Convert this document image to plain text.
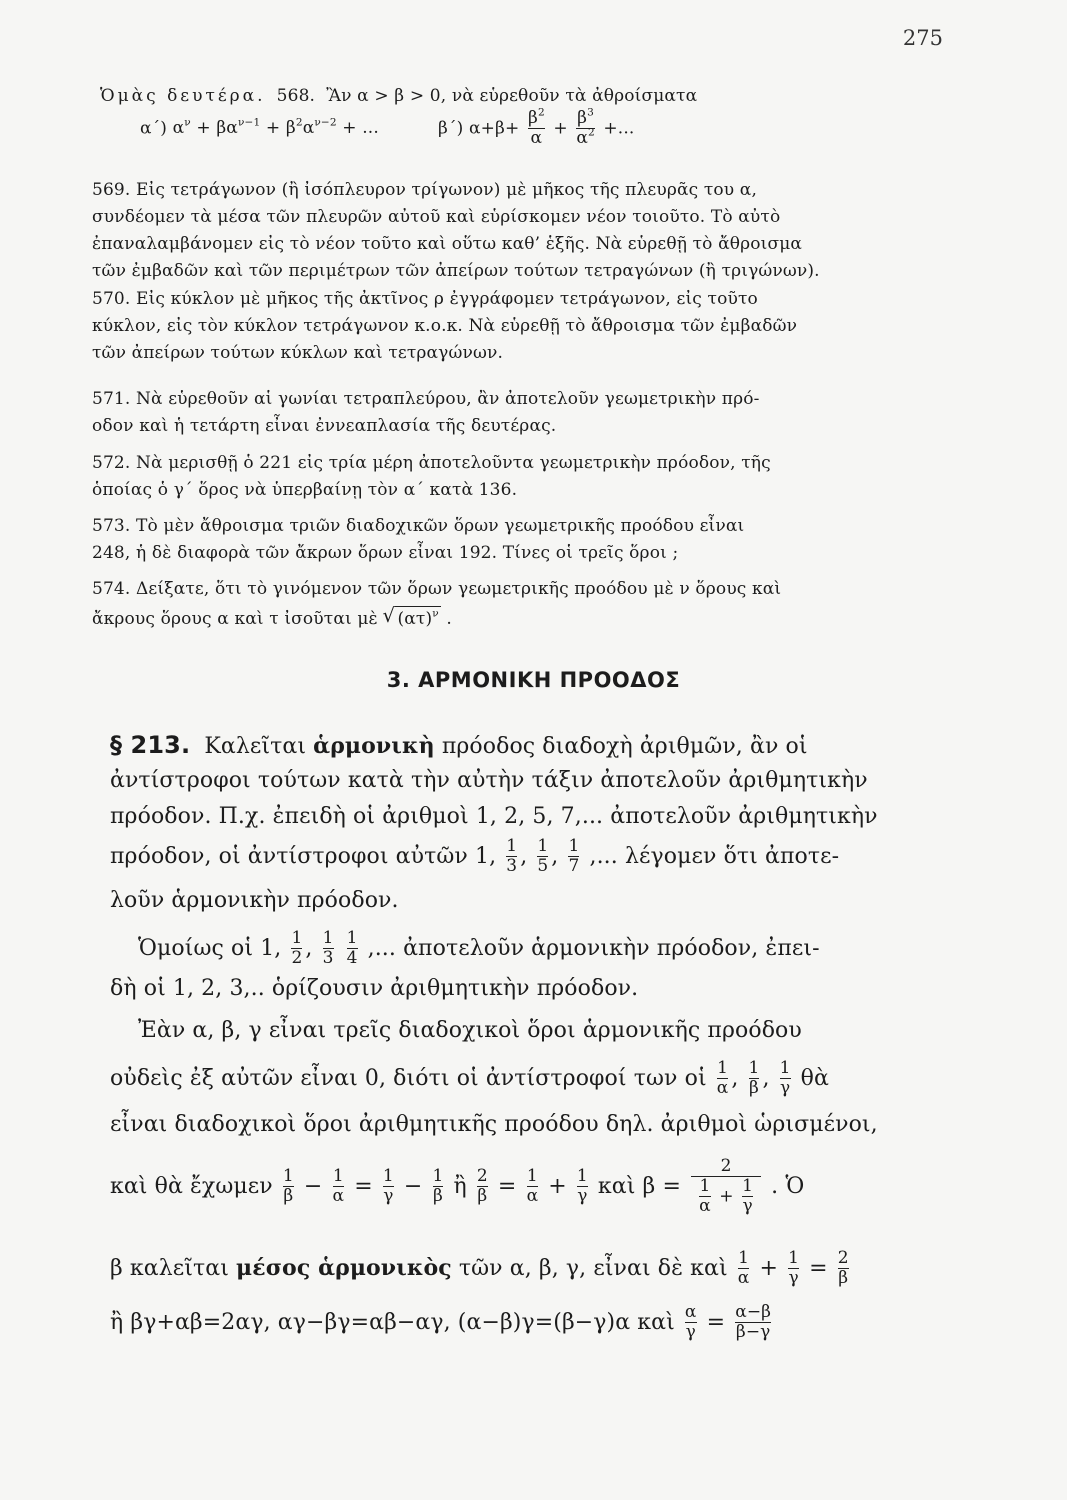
275
Ὁμὰς δευτέρα. 568. Ἂν α > β > 0, νὰ εὑρεθοῦν τὰ ἀθροίσματα
α΄) $\alpha^\nu + \beta\alpha^{\nu-1} + \beta^2\alpha^{\nu-2}$ + ...	β΄) $\alpha+\beta+ \frac{\beta^2}{\alpha} + \frac{\beta^3}{\alpha^2}$ +...
569. Εἰς τετράγωνον (ἢ ἰσόπλευρον τρίγωνον) μὲ μῆκος τῆς πλευρᾶς του α,
συνδέομεν τὰ μέσα τῶν πλευρῶν αὐτοῦ καὶ εὑρίσκομεν νέον τοιοῦτο. Τὸ αὐτὸ
ἐπαναλαμβάνομεν εἰς τὸ νέον τοῦτο καὶ οὕτω καθ’ ἑξῆς. Νὰ εὑρεθῇ τὸ ἄθροισμα
τῶν ἐμβαδῶν καὶ τῶν περιμέτρων τῶν ἀπείρων τούτων τετραγώνων (ἢ τριγώνων).
570. Εἰς κύκλον μὲ μῆκος τῆς ἀκτῖνος ρ ἐγγράφομεν τετράγωνον, εἰς τοῦτο
κύκλον, εἰς τὸν κύκλον τετράγωνον κ.ο.κ. Νὰ εὑρεθῇ τὸ ἄθροισμα τῶν ἐμβαδῶν
τῶν ἀπείρων τούτων κύκλων καὶ τετραγώνων.
571. Νὰ εὑρεθοῦν αἱ γωνίαι τετραπλεύρου, ἂν ἀποτελοῦν γεωμετρικὴν πρό-
οδον καὶ ἡ τετάρτη εἶναι ἐννεαπλασία τῆς δευτέρας.
572. Νὰ μερισθῇ ὁ 221 εἰς τρία μέρη ἀποτελοῦντα γεωμετρικὴν πρόοδον, τῆς
ὁποίας ὁ γ΄ ὅρος νὰ ὑπερβαίνῃ τὸν α΄ κατὰ 136.
573. Τὸ μὲν ἄθροισμα τριῶν διαδοχικῶν ὅρων γεωμετρικῆς προόδου εἶναι
248, ἡ δὲ διαφορὰ τῶν ἄκρων ὅρων εἶναι 192. Τίνες οἱ τρεῖς ὅροι ;
574. Δείξατε, ὅτι τὸ γινόμενον τῶν ὅρων γεωμετρικῆς προόδου μὲ ν ὅρους καὶ
ἄκρους ὅρους α καὶ τ ἰσοῦται μὲ   √ $(\alpha\tau)^\nu$ .
3. ΑΡΜΟΝΙΚΗ ΠΡΟΟΔΟΣ
§ 213. Καλεῖται ἁρμονικὴ πρόοδος διαδοχὴ ἀριθμῶν, ἂν οἱ
ἀντίστροφοι τούτων κατὰ τὴν αὐτὴν τάξιν ἀποτελοῦν ἀριθμητικὴν
πρόοδον. Π.χ. ἐπειδὴ οἱ ἀριθμοὶ 1, 2, 5, 7,... ἀποτελοῦν ἀριθμητικὴν
πρόοδον, οἱ ἀντίστροφοι αὐτῶν 1, $\frac{1}{3}$ , $\frac{1}{5}$ , $\frac{1}{7}$ ,... λέγομεν ὅτι ἀποτε-
λοῦν ἁρμονικὴν πρόοδον.
Ὁμοίως οἱ 1, $\frac{1}{2}$ , $\frac{1}{3}$
$\frac{1}{4}$ ,... ἀποτελοῦν ἁρμονικὴν πρόοδον, ἐπει-
δὴ οἱ 1, 2, 3,.. ὁρίζουσιν ἀριθμητικὴν πρόοδον.
Ἐὰν α, β, γ εἶναι τρεῖς διαδοχικοὶ ὅροι ἁρμονικῆς προόδου
οὐδεὶς ἐξ αὐτῶν εἶναι 0, διότι οἱ ἀντίστροφοί των οἱ $\frac{1}{\alpha}$ , $\frac{1}{\beta}$ , $\frac{1}{\gamma}$ θὰ
εἶναι διαδοχικοὶ ὅροι ἀριθμητικῆς προόδου δηλ. ἀριθμοὶ ὡρισμένοι,
καὶ θὰ ἔχωμεν $\frac{1}{\beta} - \frac{1}{\alpha} = \frac{1}{\gamma} - \frac{1}{\beta}$ ἢ $\frac{2}{\beta} = \frac{1}{\alpha} + \frac{1}{\gamma}$ καὶ $\beta = \frac{2}{\frac{1}{\alpha} + \frac{1}{\gamma}}$ . Ὁ
β καλεῖται μέσος ἁρμονικὸς τῶν α, β, γ, εἶναι δὲ καὶ $\frac{1}{\alpha} + \frac{1}{\gamma} = \frac{2}{\beta}$
ἢ βγ+αβ=2αγ, αγ−βγ=αβ−αγ, (α−β)γ=(β−γ)α καὶ $\frac{\alpha}{\gamma} = \frac{\alpha-\beta}{\beta-\gamma}$
